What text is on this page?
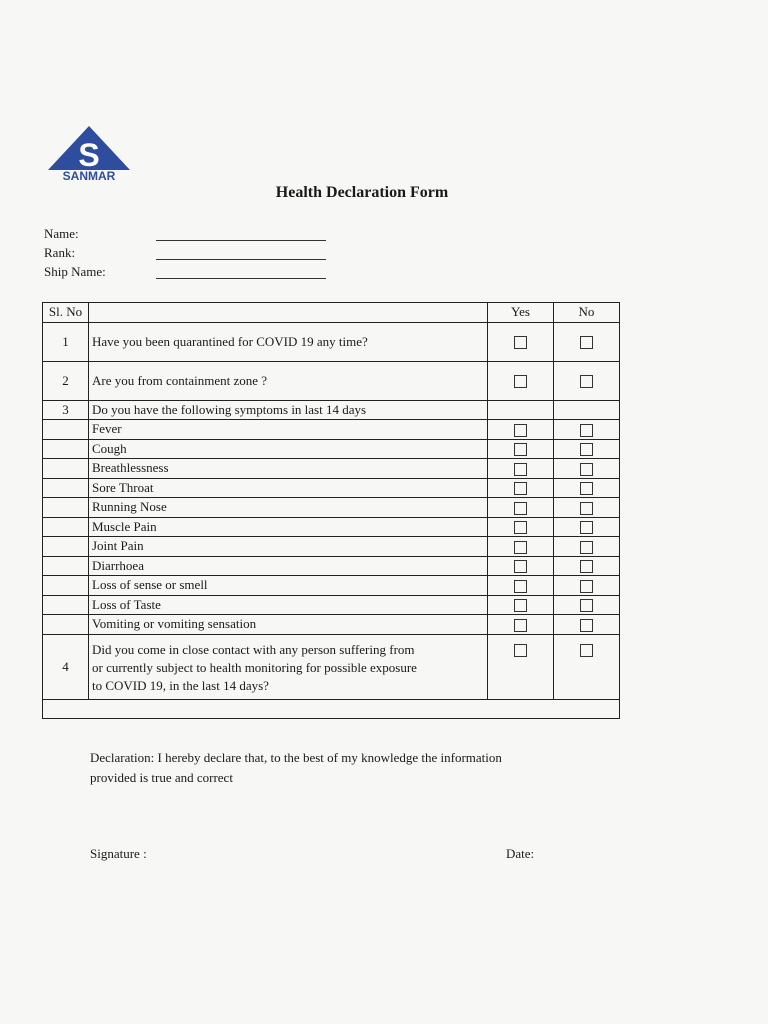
S
SANMAR
Health Declaration Form
Name:
Rank:
Ship Name:
Sl. No		Yes	No
1	Have you been quarantined for COVID 19 any time?		
2	Are you from containment zone ?		
3	Do you have the following symptoms in last 14 days		
	Fever		
	Cough		
	Breathlessness		
	Sore Throat		
	Running Nose		
	Muscle Pain		
	Joint Pain		
	Diarrhoea		
	Loss of sense or smell		
	Loss of Taste		
	Vomiting or vomiting sensation		
4	Did you come in close contact with any person suffering from
or currently subject to health monitoring for possible exposure
to COVID 19, in the last 14 days?		

Declaration: I hereby declare that, to the best of my knowledge the information
provided is true and correct
Signature :	Date:
